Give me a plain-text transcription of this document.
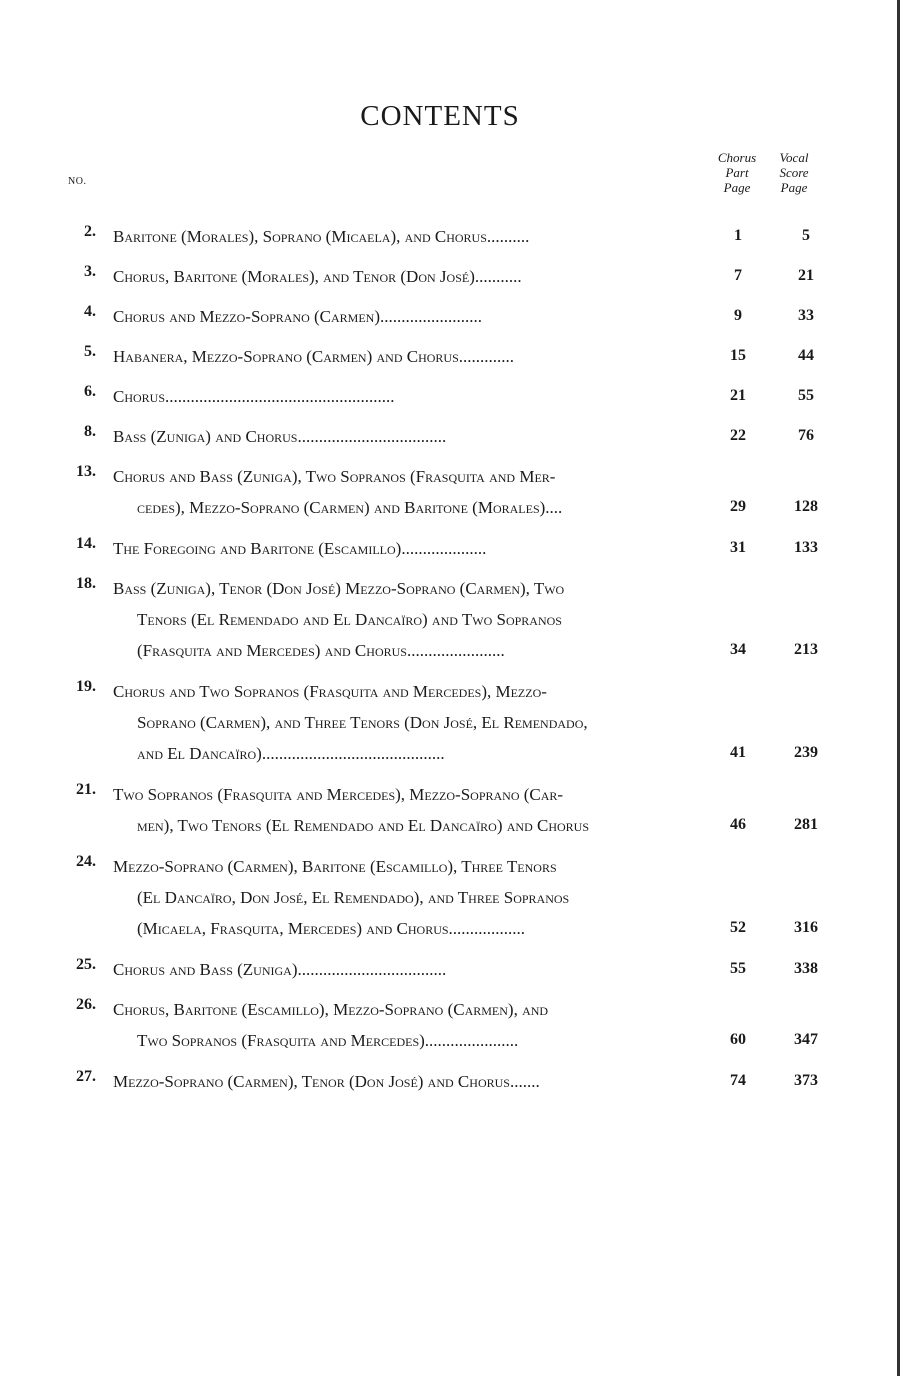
CONTENTS
NO.
Chorus
Part
Page
Vocal
Score
Page
2. Baritone (Morales), Soprano (Micaela), and Chorus..........	1	5
3. Chorus, Baritone (Morales), and Tenor (Don José)...........	7	21
4. Chorus and Mezzo-Soprano (Carmen)........................	9	33
5. Habanera, Mezzo-Soprano (Carmen) and Chorus.............	15	44
6. Chorus......................................................	21	55
8. Bass (Zuniga) and Chorus...................................	22	76
13. Chorus and Bass (Zuniga), Two Sopranos (Frasquita and Mer-
cedes), Mezzo-Soprano (Carmen) and Baritone (Morales)....	29	128
14. The Foregoing and Baritone (Escamillo)....................	31	133
18. Bass (Zuniga), Tenor (Don José) Mezzo-Soprano (Carmen), Two
Tenors (El Remendado and El Dancaïro) and Two Sopranos
(Frasquita and Mercedes) and Chorus.......................	34	213
19. Chorus and Two Sopranos (Frasquita and Mercedes), Mezzo-
Soprano (Carmen), and Three Tenors (Don José, El Remendado,
and El Dancaïro)...........................................	41	239
21. Two Sopranos (Frasquita and Mercedes), Mezzo-Soprano (Car-
men), Two Tenors (El Remendado and El Dancaïro) and Chorus	46	281
24. Mezzo-Soprano (Carmen), Baritone (Escamillo), Three Tenors
(El Dancaïro, Don José, El Remendado), and Three Sopranos
(Micaela, Frasquita, Mercedes) and Chorus..................	52	316
25. Chorus and Bass (Zuniga)...................................	55	338
26. Chorus, Baritone (Escamillo), Mezzo-Soprano (Carmen), and
Two Sopranos (Frasquita and Mercedes)......................	60	347
27. Mezzo-Soprano (Carmen), Tenor (Don José) and Chorus.......	74	373
